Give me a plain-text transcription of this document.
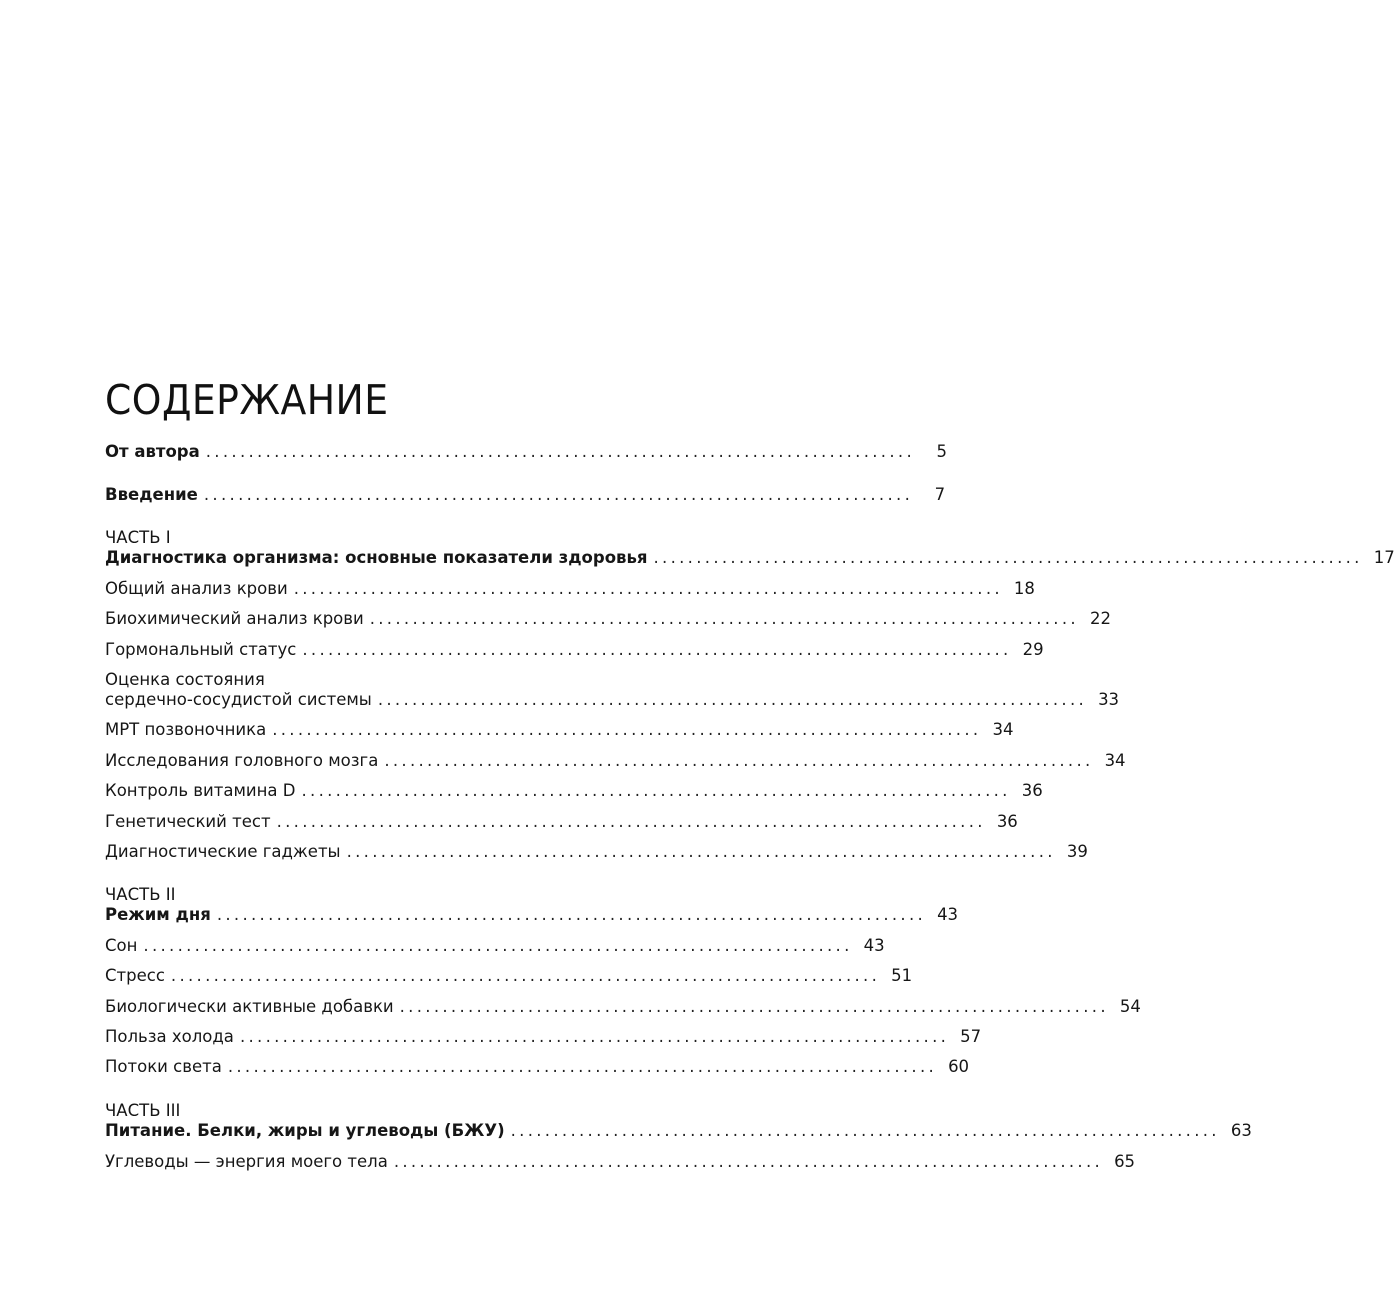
СОДЕРЖАНИЕ
От автора ...................................................................................	5
Введение ...................................................................................	7
ЧАСТЬ I
Диагностика организма: основные показатели здоровья ................................................................................... 17
Общий анализ крови ................................................................................... 18
Биохимический анализ крови ................................................................................... 22
Гормональный статус ................................................................................... 29
Оценка состояния
сердечно-сосудистой системы ................................................................................... 33
МРТ позвоночника ................................................................................... 34
Исследования головного мозга ................................................................................... 34
Контроль витамина D ................................................................................... 36
Генетический тест ................................................................................... 36
Диагностические гаджеты ................................................................................... 39
ЧАСТЬ II
Режим дня ................................................................................... 43
Сон ................................................................................... 43
Стресс ................................................................................... 51
Биологически активные добавки ................................................................................... 54
Польза холода ................................................................................... 57
Потоки света ................................................................................... 60
ЧАСТЬ III
Питание. Белки, жиры и углеводы (БЖУ) ................................................................................... 63
Углеводы — энергия моего тела ................................................................................... 65
